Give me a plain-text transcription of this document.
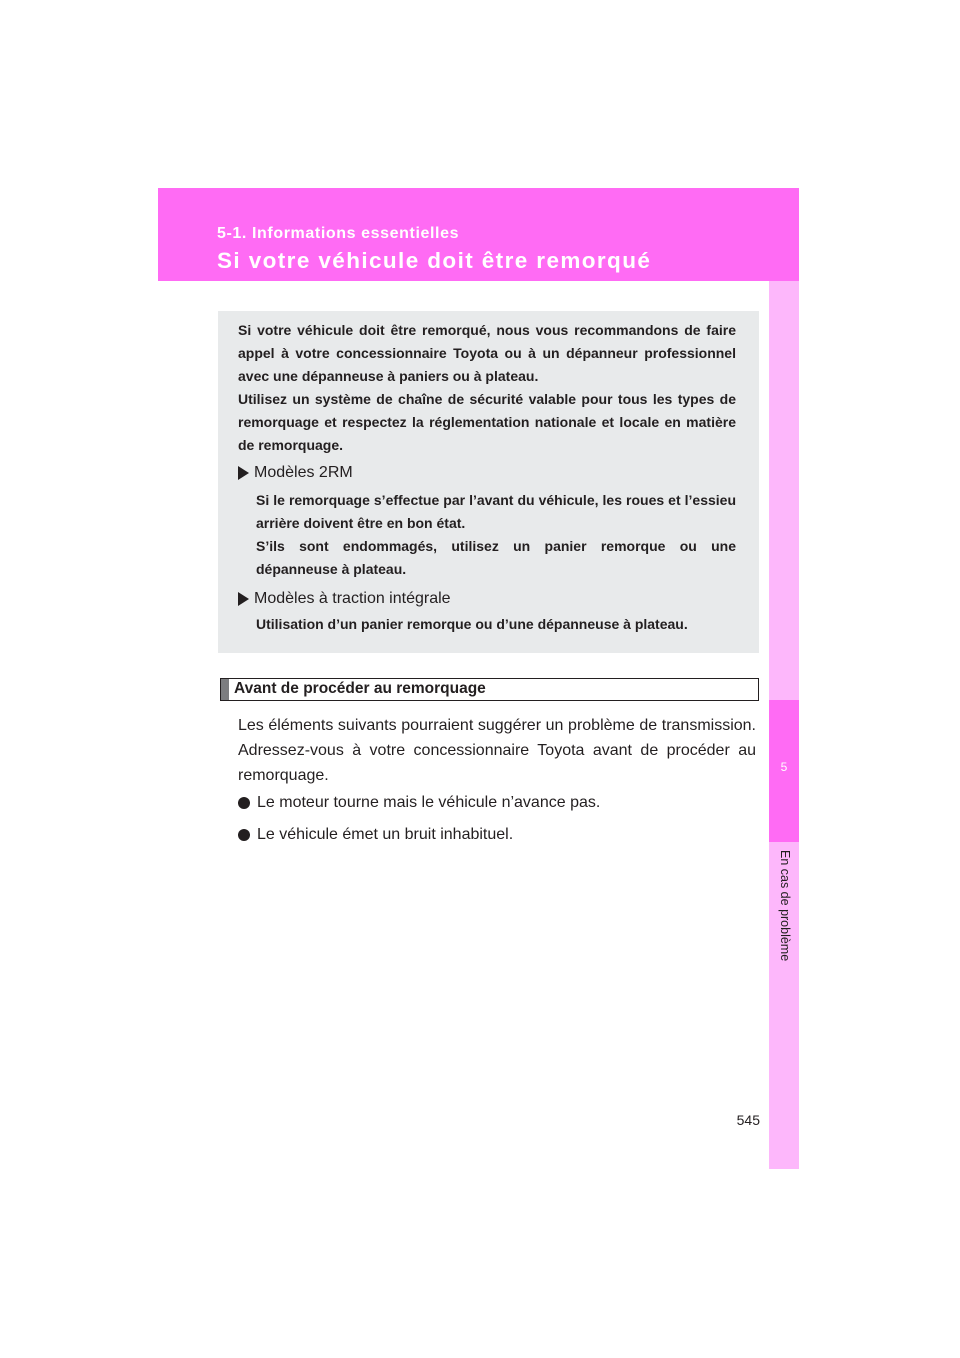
5-1. Informations essentielles
Si votre véhicule doit être remorqué
5
En cas de problème

Si votre véhicule doit être remorqué, nous vous recommandons de faire appel à votre concessionnaire Toyota ou à un dépanneur professionnel avec une dépanneuse à paniers ou à plateau.

Utilisez un système de chaîne de sécurité valable pour tous les types de remorquage et respectez la réglementation nationale et locale en matière de remorquage.

Modèles 2RM

Si le remorquage s’effectue par l’avant du véhicule, les roues et l’essieu arrière doivent être en bon état.

S’ils sont endommagés, utilisez un panier remorque ou une dépanneuse à plateau.

Modèles à traction intégrale

Utilisation d’un panier remorque ou d’une dépanneuse à plateau.

Avant de procéder au remorquage
Les éléments suivants pourraient suggérer un problème de transmission. Adressez-vous à votre concessionnaire Toyota avant de procéder au remorquage.
Le moteur tourne mais le véhicule n’avance pas.
Le véhicule émet un bruit inhabituel.
545
